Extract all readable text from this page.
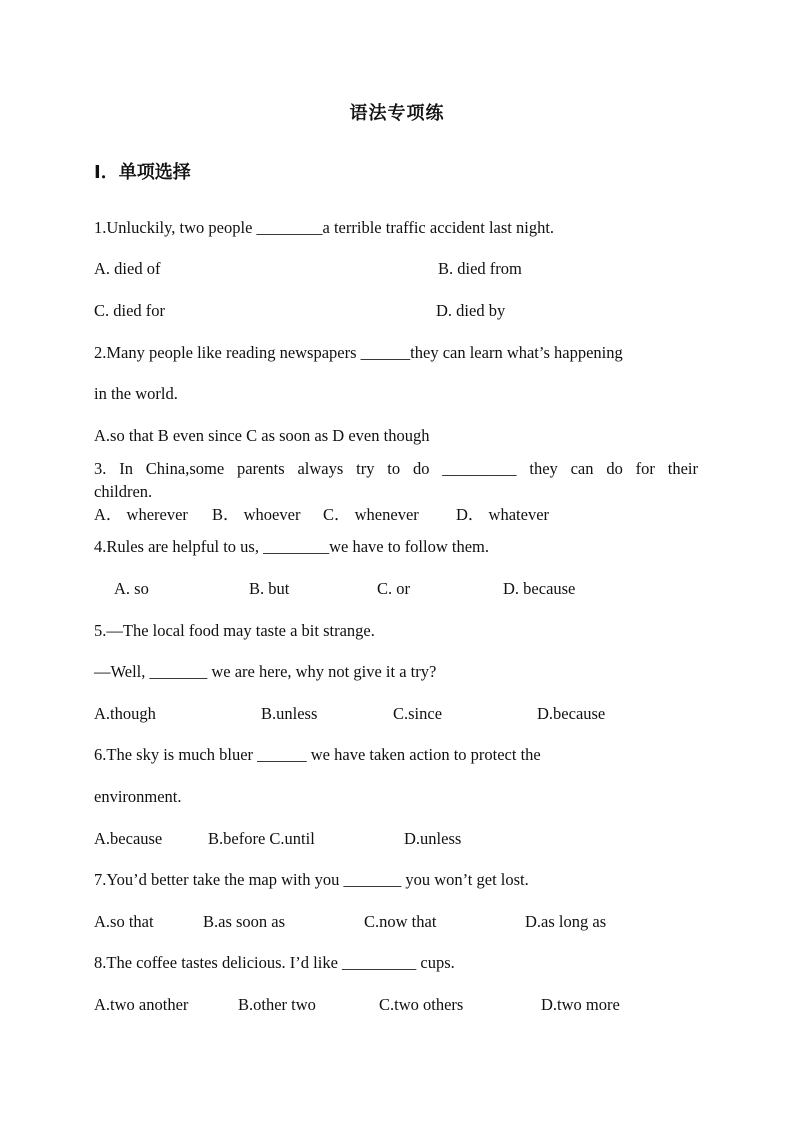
语法专项练
Ⅰ．单项选择
1.Unluckily, two people ________a terrible traffic accident last night.
A. died of	B. died from
C. died for	D. died by
2.Many people like reading newspapers ______they can learn what’s happening
in the world.
A.so that B even since C as soon as D even though
3. In China,some parents always try to do _________ they can do for their
children.
A． wherever B． whoever C． whenever D． whatever
4.Rules are helpful to us, ________we have to follow them.
A. so	B. but	C. or	D. because
5.—The local food may taste a bit strange.
—Well, _______ we are here, why not give it a try?
A.though	B.unless	C.since	D.because
6.The sky is much bluer ______ we have taken action to protect the
environment.
A.because	B.before C.until	D.unless
7.You’d better take the map with you _______ you won’t get lost.
A.so that	B.as soon as	C.now that	D.as long as
8.The coffee tastes delicious. I’d like _________ cups.
A.two another	B.other two	C.two others	D.two more
